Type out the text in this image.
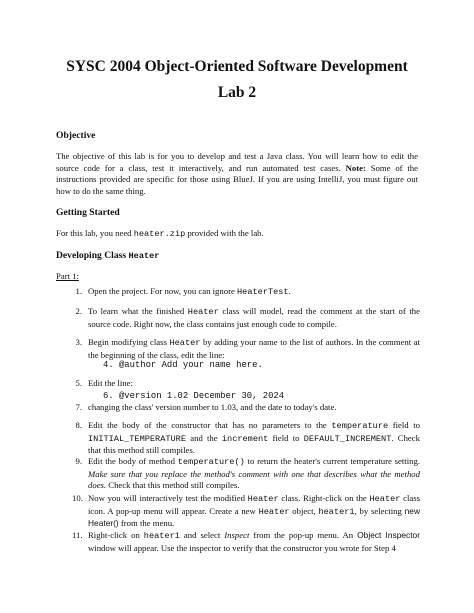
SYSC 2004 Object-Oriented Software Development
Lab 2
Objective

The objective of this lab is for you to develop and test a Java class. You will learn how to edit the source code for a class, test it interactively, and run automated test cases. Note: Some of the instructions provided are specific for those using BlueJ. If you are using IntelliJ, you must figure out how to do the same thing.

Getting Started

For this lab, you need heater.zip provided with the lab.

Developing Class Heater

Part 1:

1. Open the project. For now, you can ignore HeaterTest.
2. To learn what the finished Heater class will model, read the comment at the start of the source code. Right now, the class contains just enough code to compile.
3. Begin modifying class Heater by adding your name to the list of authors. In the comment at the beginning of the class, edit the line:
4. @author Add your name here.
5. Edit the line:
6. @version 1.02 December 30, 2024
7. changing the class' version number to 1.03, and the date to today's date.
8. Edit the body of the constructor that has no parameters to the temperature field to INITIAL_TEMPERATURE and the increment field to DEFAULT_INCREMENT. Check that this method still compiles.
9. Edit the body of method temperature() to return the heater's current temperature setting. Make sure that you replace the method's comment with one that describes what the method does. Check that this method still compiles.
10. Now you will interactively test the modified Heater class. Right-click on the Heater class icon. A pop-up menu will appear. Create a new Heater object, heater1, by selecting new Heater() from the menu.
11. Right-click on heater1 and select Inspect from the pop-up menu. An Object Inspector window will appear. Use the inspector to verify that the constructor you wrote for Step 4
